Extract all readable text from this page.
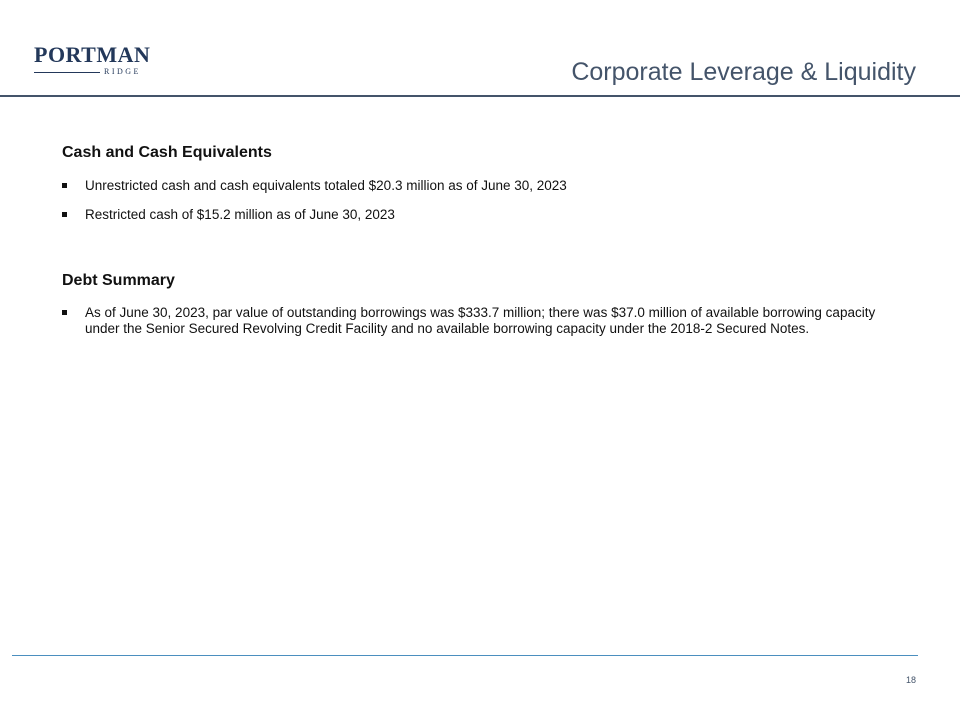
PORTMAN
RIDGE	Corporate Leverage & Liquidity
Cash and Cash Equivalents
Unrestricted cash and cash equivalents totaled $20.3 million as of June 30, 2023
Restricted cash of $15.2 million as of June 30, 2023
Debt Summary
As of June 30, 2023, par value of outstanding borrowings was $333.7 million; there was $37.0 million of available borrowing capacity under the Senior Secured Revolving Credit Facility and no available borrowing capacity under the 2018-2 Secured Notes.
18
